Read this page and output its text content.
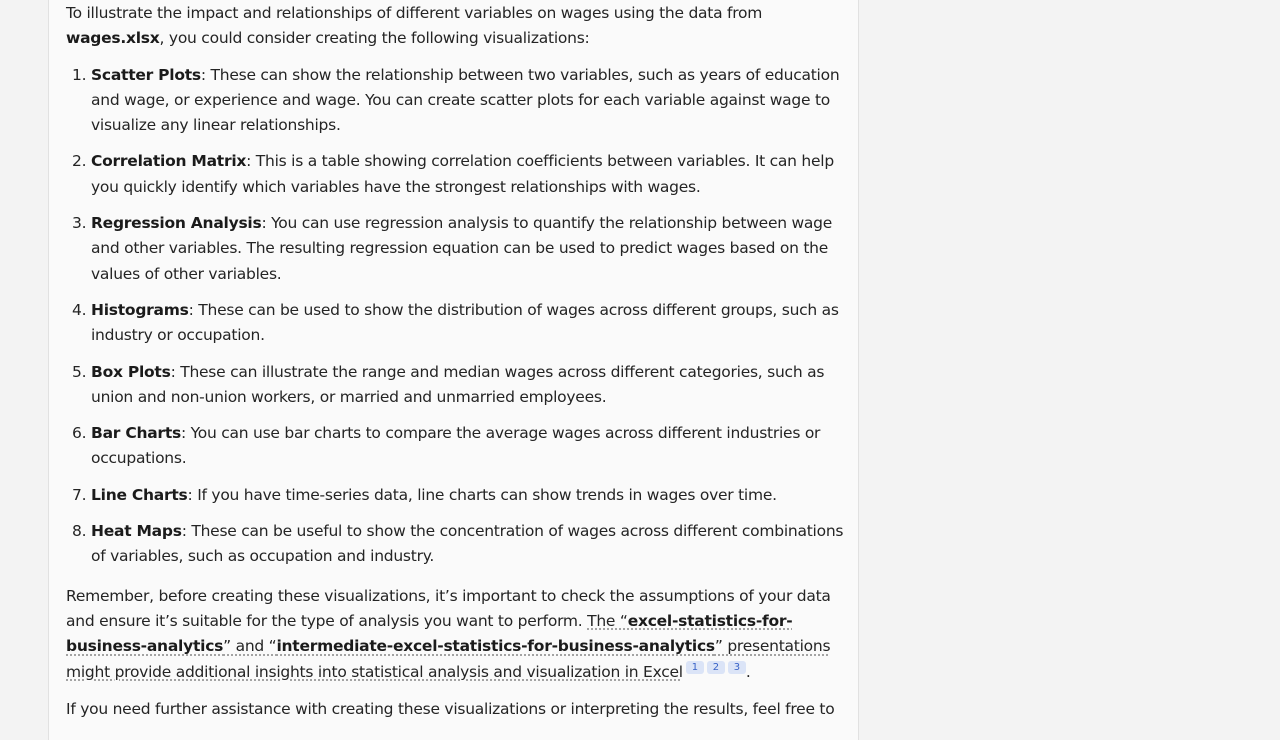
To illustrate the impact and relationships of different variables on wages using the data from wages.xlsx, you could consider creating the following visualizations:

1. Scatter Plots: These can show the relationship between two variables, such as years of education and wage, or experience and wage. You can create scatter plots for each variable against wage to visualize any linear relationships.
2. Correlation Matrix: This is a table showing correlation coefficients between variables. It can help you quickly identify which variables have the strongest relationships with wages.
3. Regression Analysis: You can use regression analysis to quantify the relationship between wage and other variables. The resulting regression equation can be used to predict wages based on the values of other variables.
4. Histograms: These can be used to show the distribution of wages across different groups, such as industry or occupation.
5. Box Plots: These can illustrate the range and median wages across different categories, such as union and non-union workers, or married and unmarried employees.
6. Bar Charts: You can use bar charts to compare the average wages across different industries or occupations.
7. Line Charts: If you have time-series data, line charts can show trends in wages over time.
8. Heat Maps: These can be useful to show the concentration of wages across different combinations of variables, such as occupation and industry.

Remember, before creating these visualizations, it’s important to check the assumptions of your data and ensure it’s suitable for the type of analysis you want to perform. The “excel-statistics-for-business-analytics” and “intermediate-excel-statistics-for-business-analytics” presentations might provide additional insights into statistical analysis and visualization in Excel 1 2 3 .

If you need further assistance with creating these visualizations or interpreting the results, feel free to
